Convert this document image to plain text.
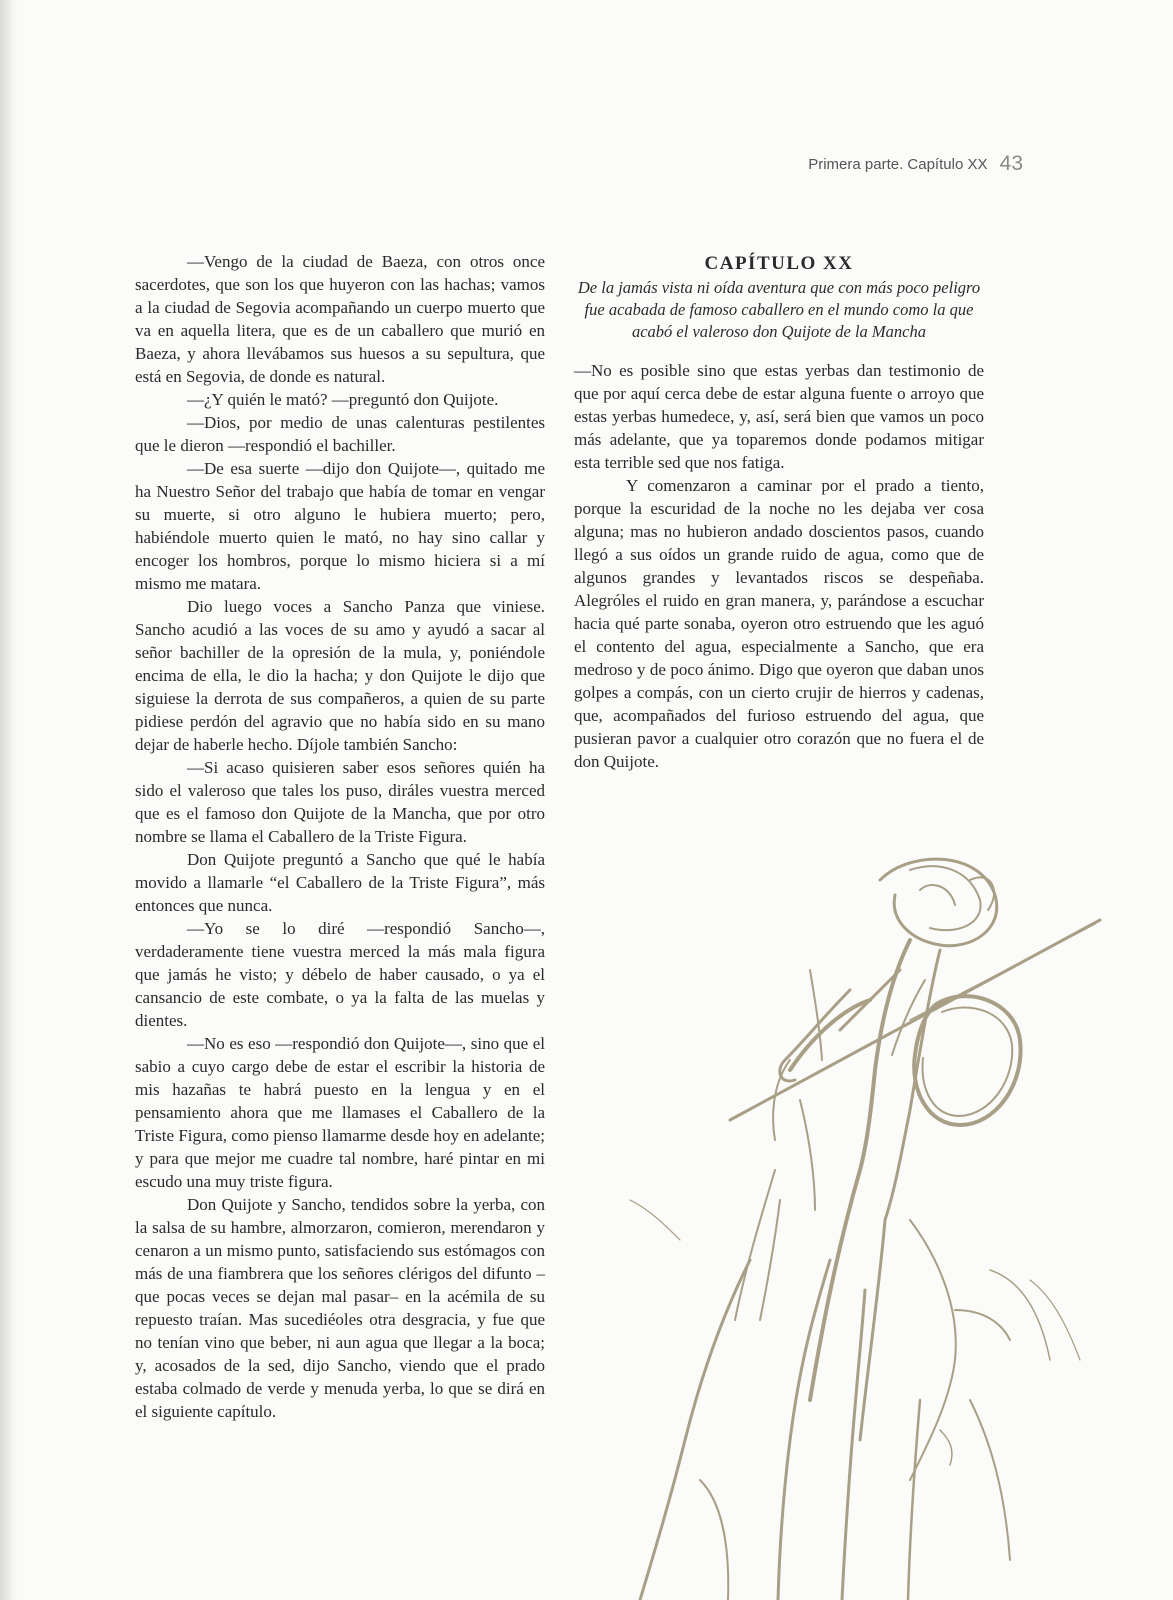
Primera parte. Capítulo XX 43

—Vengo de la ciudad de Baeza, con otros once sacerdotes, que son los que huyeron con las hachas; vamos a la ciudad de Segovia acompañando un cuerpo muerto que va en aquella litera, que es de un caballero que murió en Baeza, y ahora llevábamos sus huesos a su sepultura, que está en Segovia, de donde es natural.

—¿Y quién le mató? —preguntó don Quijote.

—Dios, por medio de unas calenturas pestilentes que le dieron —respondió el bachiller.

—De esa suerte —dijo don Quijote—, quitado me ha Nuestro Señor del trabajo que había de tomar en vengar su muerte, si otro alguno le hubiera muerto; pero, habiéndole muerto quien le mató, no hay sino callar y encoger los hombros, porque lo mismo hiciera si a mí mismo me matara.

Dio luego voces a Sancho Panza que viniese. Sancho acudió a las voces de su amo y ayudó a sacar al señor bachiller de la opresión de la mula, y, poniéndole encima de ella, le dio la hacha; y don Quijote le dijo que siguiese la derrota de sus compañeros, a quien de su parte pidiese perdón del agravio que no había sido en su mano dejar de haberle hecho. Díjole también Sancho:

—Si acaso quisieren saber esos señores quién ha sido el valeroso que tales los puso, diráles vuestra merced que es el famoso don Quijote de la Mancha, que por otro nombre se llama el Caballero de la Triste Figura.

Don Quijote preguntó a Sancho que qué le había movido a llamarle “el Caballero de la Triste Figura”, más entonces que nunca.

—Yo se lo diré —respondió Sancho—, verdaderamente tiene vuestra merced la más mala figura que jamás he visto; y débelo de haber causado, o ya el cansancio de este combate, o ya la falta de las muelas y dientes.

—No es eso —respondió don Quijote—, sino que el sabio a cuyo cargo debe de estar el escribir la historia de mis hazañas te habrá puesto en la lengua y en el pensamiento ahora que me llamases el Caballero de la Triste Figura, como pienso llamarme desde hoy en adelante; y para que mejor me cuadre tal nombre, haré pintar en mi escudo una muy triste figura.

Don Quijote y Sancho, tendidos sobre la yerba, con la salsa de su hambre, almorzaron, comieron, merendaron y cenaron a un mismo punto, satisfaciendo sus estómagos con más de una fiambrera que los señores clérigos del difunto –que pocas veces se dejan mal pasar– en la acémila de su repuesto traían. Mas sucediéoles otra desgracia, y fue que no tenían vino que beber, ni aun agua que llegar a la boca; y, acosados de la sed, dijo Sancho, viendo que el prado estaba colmado de verde y menuda yerba, lo que se dirá en el siguiente capítulo.

CAPÍTULO XX
De la jamás vista ni oída aventura que con más poco peligro fue acabada de famoso caballero en el mundo como la que acabó el valeroso don Quijote de la Mancha

—No es posible sino que estas yerbas dan testimonio de que por aquí cerca debe de estar alguna fuente o arroyo que estas yerbas humedece, y, así, será bien que vamos un poco más adelante, que ya toparemos donde podamos mitigar esta terrible sed que nos fatiga.

Y comenzaron a caminar por el prado a tiento, porque la escuridad de la noche no les dejaba ver cosa alguna; mas no hubieron andado doscientos pasos, cuando llegó a sus oídos un grande ruido de agua, como que de algunos grandes y levantados riscos se despeñaba. Alegróles el ruido en gran manera, y, parándose a escuchar hacia qué parte sonaba, oyeron otro estruendo que les aguó el contento del agua, especialmente a Sancho, que era medroso y de poco ánimo. Digo que oyeron que daban unos golpes a compás, con un cierto crujir de hierros y cadenas, que, acompañados del furioso estruendo del agua, que pusieran pavor a cualquier otro corazón que no fuera el de don Quijote.
